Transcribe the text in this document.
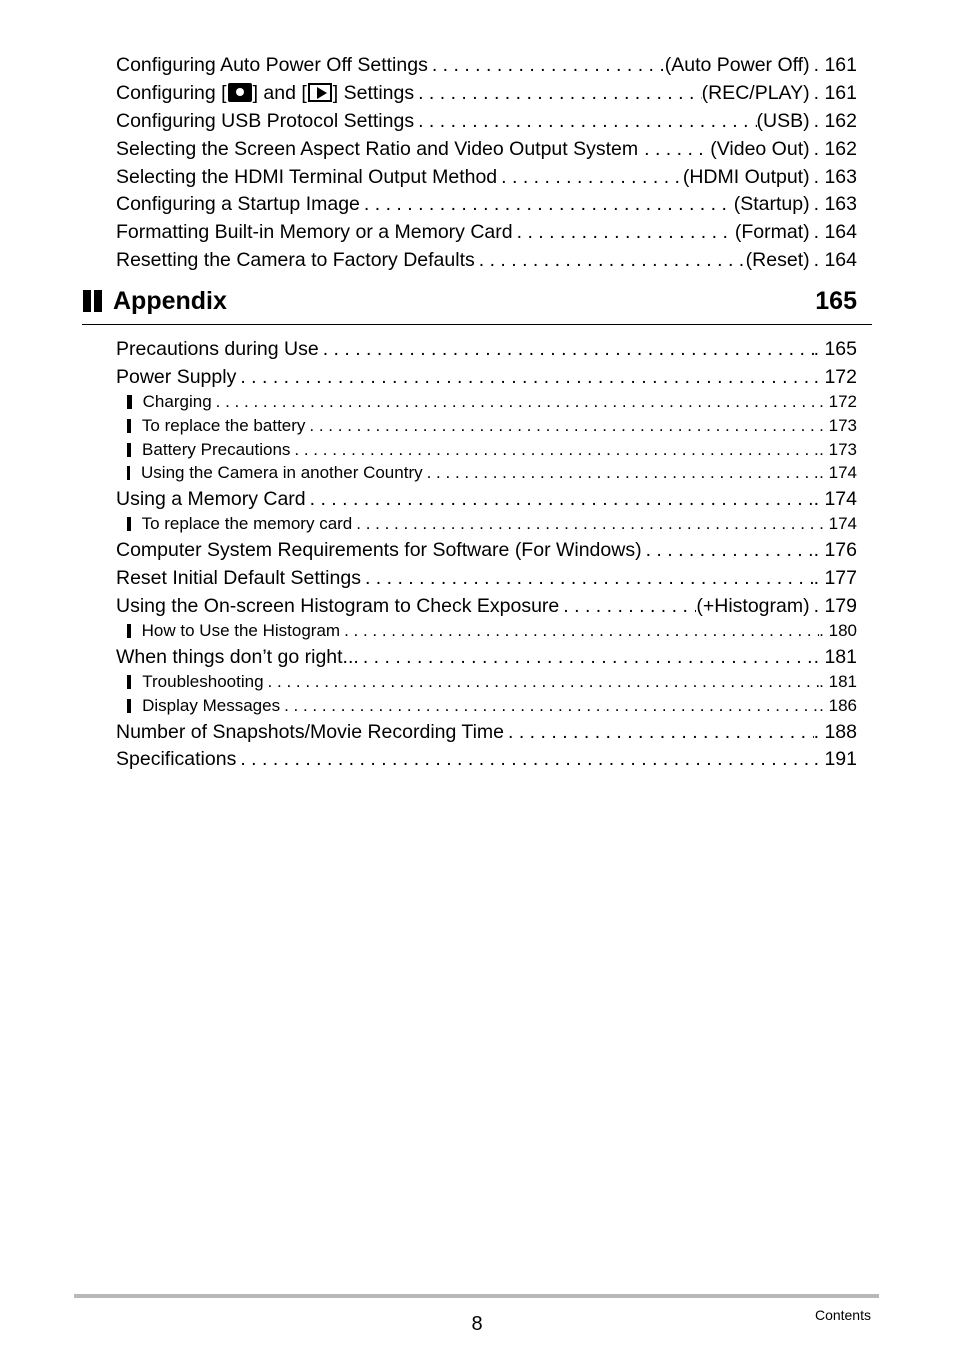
Configuring Auto Power Off Settings . . .	(Auto Power Off) . 161
Configuring [ ] and [ ] Settings . . .	(REC/PLAY) . 161
Configuring USB Protocol Settings . . .	(USB) . 162
Selecting the Screen Aspect Ratio and Video Output System . . .	(Video Out) . 162
Selecting the HDMI Terminal Output Method . . .	(HDMI Output) . 163
Configuring a Startup Image . . .	(Startup) . 163
Formatting Built-in Memory or a Memory Card . . .	(Format) . 164
Resetting the Camera to Factory Defaults . . .	(Reset) . 164
Appendix	165
Precautions during Use . . .	. 165
Power Supply . . .	. 172
Charging . . .	. 172
To replace the battery . . .	. 173
Battery Precautions . . .	. 173
Using the Camera in another Country . . .	. 174
Using a Memory Card . . .	. 174
To replace the memory card . . .	. 174
Computer System Requirements for Software (For Windows) . . .	. 176
Reset Initial Default Settings . . .	. 177
Using the On-screen Histogram to Check Exposure . . .	(+Histogram) . 179
How to Use the Histogram . . .	. 180
When things don’t go right... . . .	. 181
Troubleshooting . . .	. 181
Display Messages . . .	. 186
Number of Snapshots/Movie Recording Time . . .	. 188
Specifications . . .	. 191
8	Contents
